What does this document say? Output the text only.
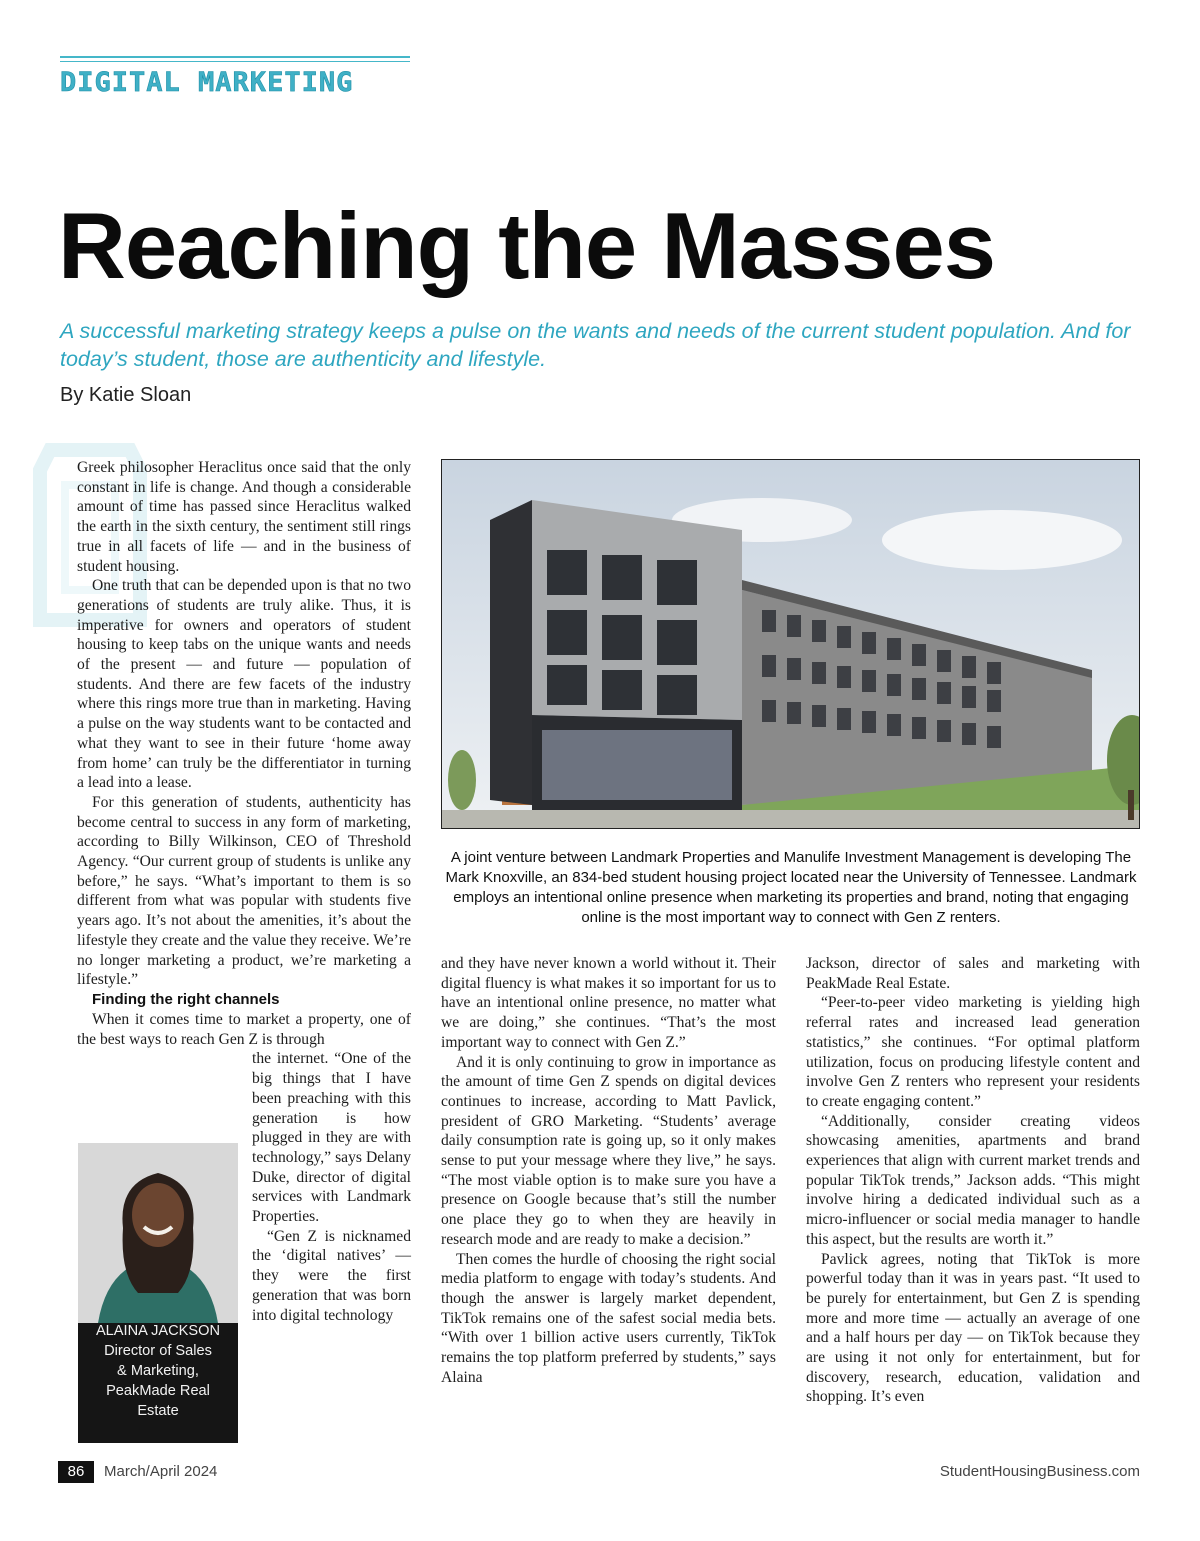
DIGITAL MARKETING
Reaching the Masses

A successful marketing strategy keeps a pulse on the wants and needs of the current student population. And for today’s student, those are authenticity and lifestyle.

By Katie Sloan

Greek philosopher Heraclitus once said that the only constant in life is change. And though a considerable amount of time has passed since Heraclitus walked the earth in the sixth century, the sentiment still rings true in all facets of life — and in the business of student housing.

One truth that can be depended upon is that no two generations of students are truly alike. Thus, it is imperative for owners and operators of student housing to keep tabs on the unique wants and needs of the present — and future — population of students. And there are few facets of the industry where this rings more true than in marketing. Having a pulse on the way students want to be contacted and what they want to see in their future ‘home away from home’ can truly be the differentiator in turning a lead into a lease.

For this generation of students, authenticity has become central to success in any form of marketing, according to Billy Wilkinson, CEO of Threshold Agency. “Our current group of students is unlike any before,” he says. “What’s important to them is so different from what was popular with students five years ago. It’s not about the amenities, it’s about the lifestyle they create and the value they receive. We’re no longer marketing a product, we’re marketing a lifestyle.”

Finding the right channels

When it comes time to market a property, one of the best ways to reach Gen Z is through

the internet. “One of the big things that I have been preaching with this generation is how plugged in they are with technology,” says Delany Duke, director of digital services with Landmark Properties.

“Gen Z is nicknamed the ‘digital natives’ — they were the first generation that was born into digital technology

A joint venture between Landmark Properties and Manulife Investment Management is developing The Mark Knoxville, an 834-bed student housing project located near the University of Tennessee. Landmark employs an intentional online presence when marketing its properties and brand, noting that engaging online is the most important way to connect with Gen Z renters.

ALAINA JACKSON
Director of Sales
& Marketing,
PeakMade Real
Estate

and they have never known a world without it. Their digital fluency is what makes it so important for us to have an intentional online presence, no matter what we are doing,” she continues. “That’s the most important way to connect with Gen Z.”

And it is only continuing to grow in importance as the amount of time Gen Z spends on digital devices continues to increase, according to Matt Pavlick, president of GRO Marketing. “Students’ average daily consumption rate is going up, so it only makes sense to put your message where they live,” he says. “The most viable option is to make sure you have a presence on Google because that’s still the number one place they go to when they are heavily in research mode and are ready to make a decision.”

Then comes the hurdle of choosing the right social media platform to engage with today’s students. And though the answer is largely market dependent, TikTok remains one of the safest social media bets. “With over 1 billion active users currently, TikTok remains the top platform preferred by students,” says Alaina

Jackson, director of sales and marketing with PeakMade Real Estate.

“Peer-to-peer video marketing is yielding high referral rates and increased lead generation statistics,” she continues. “For optimal platform utilization, focus on producing lifestyle content and involve Gen Z renters who represent your residents to create engaging content.”

“Additionally, consider creating videos showcasing amenities, apartments and brand experiences that align with current market trends and popular TikTok trends,” Jackson adds. “This might involve hiring a dedicated individual such as a micro-influencer or social media manager to handle this aspect, but the results are worth it.”

Pavlick agrees, noting that TikTok is more powerful today than it was in years past. “It used to be purely for entertainment, but Gen Z is spending more and more time — actually an average of one and a half hours per day — on TikTok because they are using it not only for entertainment, but for discovery, research, education, validation and shopping. It’s even

86	March/April 2024	StudentHousingBusiness.com
